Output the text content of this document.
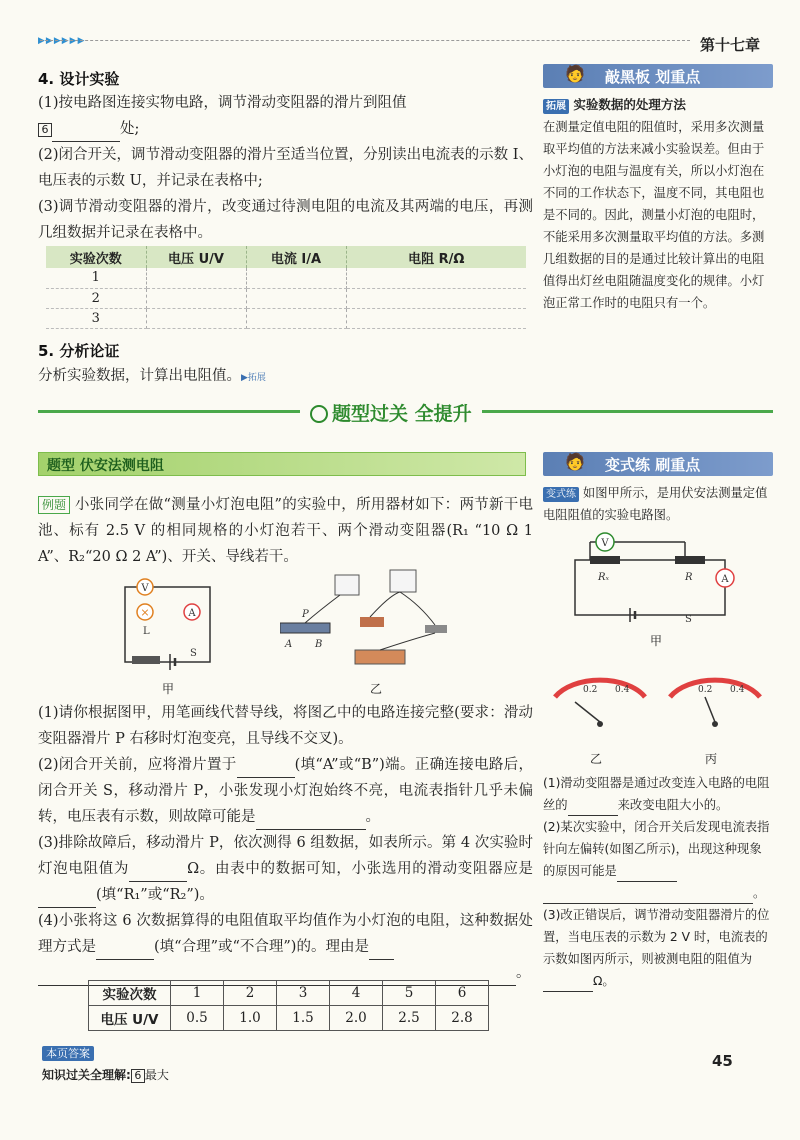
▶▶▶▶▶▶	第十七章
4. 设计实验
(1)按电路图连接实物电路，调节滑动变阻器的滑片到阻值
6	处;
(2)闭合开关，调节滑动变阻器的滑片至适当位置，分别读出电流表的示数 I、电压表的示数 U，并记录在表格中;
(3)调节滑动变阻器的滑片，改变通过待测电阻的电流及其两端的电压，再测几组数据并记录在表格中。
实验次数	电压 U/V	电流 I/A	电阻 R/Ω
1			
2			
3			
5. 分析论证
分析实验数据，计算出电阻值。▶拓展
题型过关 全提升
题型 伏安法测电阻
例题 小张同学在做“测量小灯泡电阻”的实验中，所用器材如下：两节新干电池、标有 2.5 V 的相同规格的小灯泡若干、两个滑动变阻器(R₁ “10 Ω 1 A”、R₂“20 Ω 2 A”)、开关、导线若干。
V
×
L
A
S
甲
A B
P
乙
(1)请你根据图甲，用笔画线代替导线，将图乙中的电路连接完整(要求：滑动变阻器滑片 P 右移时灯泡变亮，且导线不交叉)。
(2)闭合开关前，应将滑片置于	(填“A”或“B”)端。正确连接电路后，闭合开关 S，移动滑片 P，小张发现小灯泡始终不亮，电流表指针几乎未偏转，电压表有示数，则故障可能是	。
(3)排除故障后，移动滑片 P，依次测得 6 组数据，如表所示。第 4 次实验时灯泡电阻值为	Ω。由表中的数据可知，小张选用的滑动变阻器应是(填“R₁”或“R₂”)。
(4)小张将这 6 次数据算得的电阻值取平均值作为小灯泡的电阻，这种数据处理方式是	(填“合理”或“不合理”)的。理由是
。
实验次数	1	2	3	4	5	6
电压 U/V	0.5	1.0	1.5	2.0	2.5	2.8
🧑 敲黑板 划重点
拓展 实验数据的处理方法
在测量定值电阻的阻值时，采用多次测量取平均值的方法来减小实验误差。但由于小灯泡的电阻与温度有关，所以小灯泡在不同的工作状态下，温度不同，其电阻也是不同的。因此，测量小灯泡的电阻时，不能采用多次测量取平均值的方法。多测几组数据的目的是通过比较计算出的电阻值得出灯丝电阻随温度变化的规律。小灯泡正常工作时的电阻只有一个。
🧑 变式练 刷重点
变式练 如图甲所示，是用伏安法测量定值电阻阻值的实验电路图。
V
Rₓ	R	A
S
甲
0.2 0.4	0.2 0.4
乙	丙
(1)滑动变阻器是通过改变连入电路的电阻丝的	来改变电阻大小的。
(2)某次实验中，闭合开关后发现电流表指针向左偏转(如图乙所示)，出现这种现象的原因可能是
。
(3)改正错误后，调节滑动变阻器滑片的位置，当电压表的示数为 2 V 时，电流表的示数如图丙所示，则被测电阻的阻值为Ω。
本页答案
知识过关全理解: 6 最大
45
